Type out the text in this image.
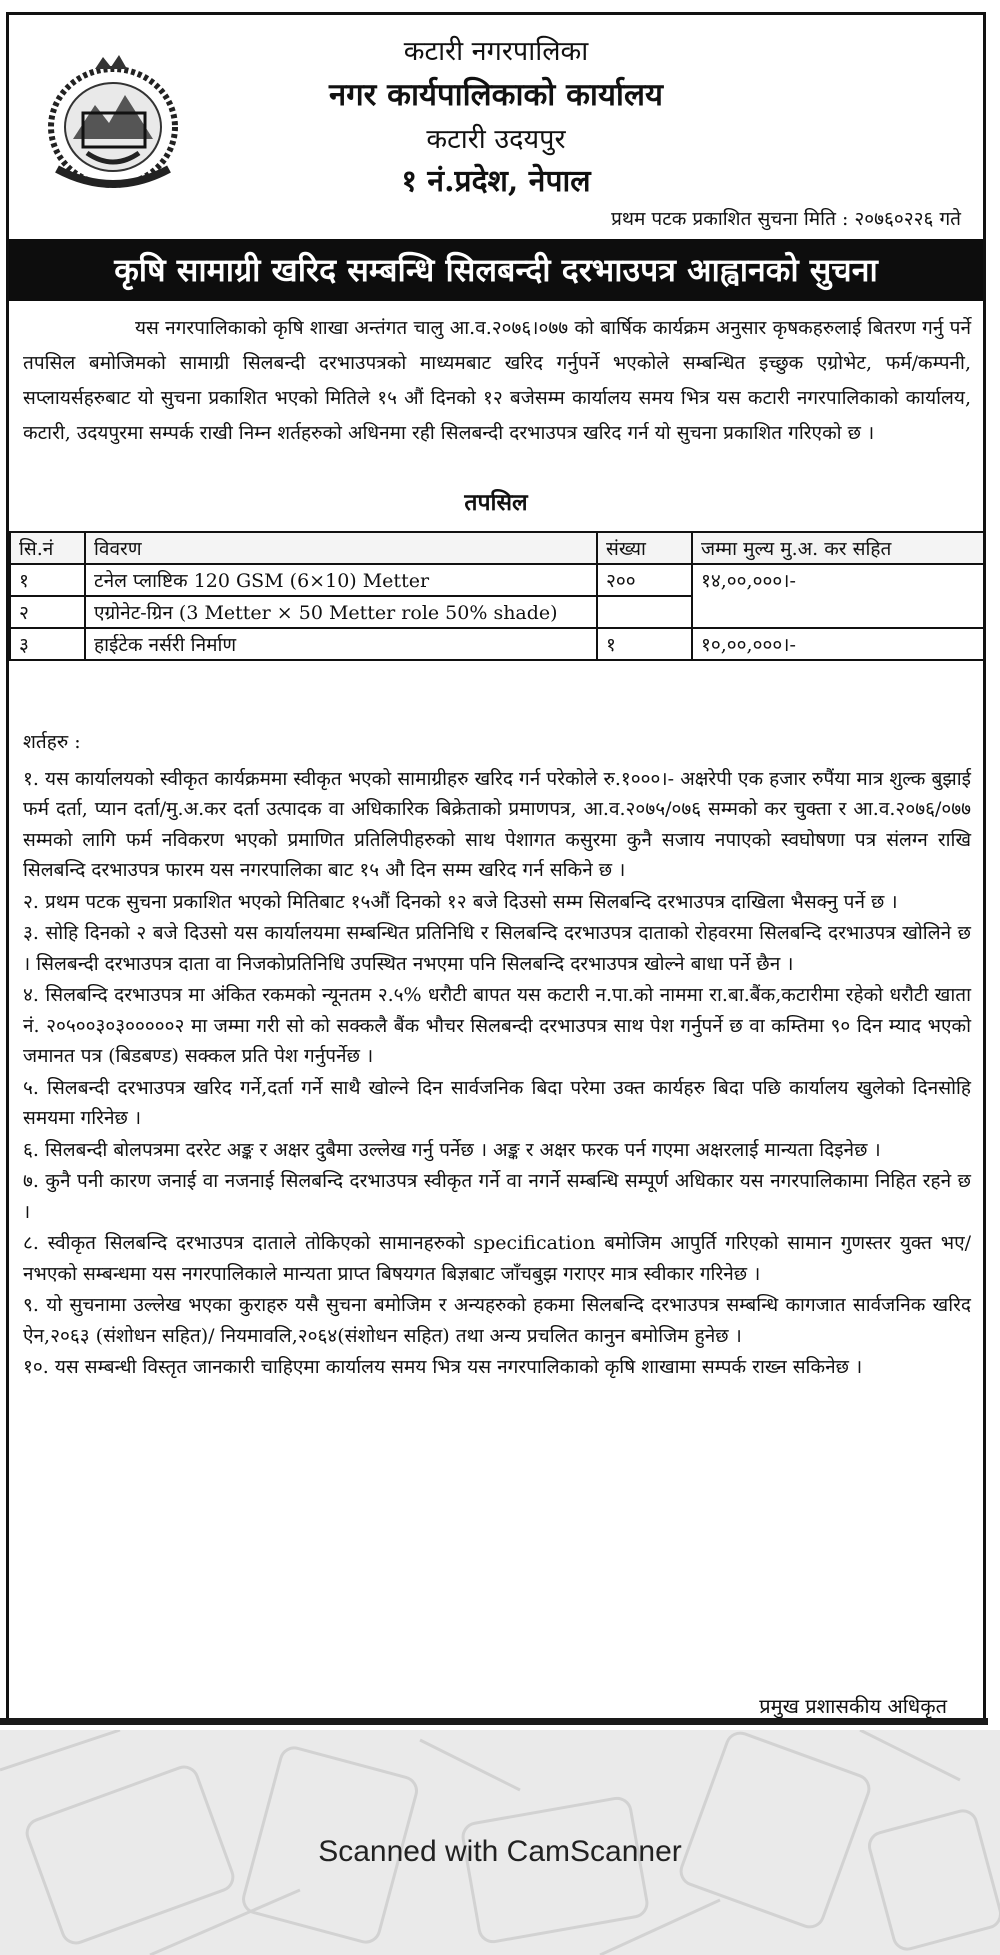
कटारी नगरपालिका
नगर कार्यपालिकाको कार्यालय
कटारी उदयपुर
१ नं.प्रदेश, नेपाल
प्रथम पटक प्रकाशित सुचना मिति : २०७६०२२६ गते
कृषि सामाग्री खरिद सम्बन्धि सिलबन्दी दरभाउपत्र आह्वानको सुचना

यस नगरपालिकाको कृषि शाखा अन्तंगत चालु आ.व.२०७६।०७७ को बार्षिक कार्यक्रम अनुसार कृषकहरुलाई बितरण गर्नु पर्ने तपसिल बमोजिमको सामाग्री सिलबन्दी दरभाउपत्रको माध्यमबाट खरिद गर्नुपर्ने भएकोले सम्बन्धित इच्छुक एग्रोभेट, फर्म/कम्पनी, सप्लायर्सहरुबाट यो सुचना प्रकाशित भएको मितिले १५ औं दिनको १२ बजेसम्म कार्यालय समय भित्र यस कटारी नगरपालिकाको कार्यालय, कटारी, उदयपुरमा सम्पर्क राखी निम्न शर्तहरुको अधिनमा रही सिलबन्दी दरभाउपत्र खरिद गर्न यो सुचना प्रकाशित गरिएको छ ।

तपसिल
सि.नं	विवरण	संख्या	जम्मा मुल्य मु.अ. कर सहित
१	टनेल प्लाष्टिक 120 GSM (6×10) Metter	२००	१४,००,०००।-
२	एग्रोनेट-ग्रिन (3 Metter × 50 Metter role 50% shade)		
३	हाईटेक नर्सरी निर्माण	१	१०,००,०००।-
शर्तहरु :

१. यस कार्यालयको स्वीकृत कार्यक्रममा स्वीकृत भएको सामाग्रीहरु खरिद गर्न परेकोले रु.१०००।- अक्षरेपी एक हजार रुपैंया मात्र शुल्क बुझाई फर्म दर्ता, प्यान दर्ता/मु.अ.कर दर्ता उत्पादक वा अधिकारिक बिक्रेताको प्रमाणपत्र, आ.व.२०७५/०७६ सम्मको कर चुक्ता र आ.व.२०७६/०७७ सम्मको लागि फर्म नविकरण भएको प्रमाणित प्रतिलिपीहरुको साथ पेशागत कसुरमा कुनै सजाय नपाएको स्वघोषणा पत्र संलग्न राखि सिलबन्दि दरभाउपत्र फारम यस नगरपालिका बाट १५ औ दिन सम्म खरिद गर्न सकिने छ ।

२. प्रथम पटक सुचना प्रकाशित भएको मितिबाट १५औं दिनको १२ बजे दिउसो सम्म सिलबन्दि दरभाउपत्र दाखिला भैसक्नु पर्ने छ ।

३. सोहि दिनको २ बजे दिउसो यस कार्यालयमा सम्बन्धित प्रतिनिधि र सिलबन्दि दरभाउपत्र दाताको रोहवरमा सिलबन्दि दरभाउपत्र खोलिने छ । सिलबन्दी दरभाउपत्र दाता वा निजकोप्रतिनिधि उपस्थित नभएमा पनि सिलबन्दि दरभाउपत्र खोल्ने बाधा पर्ने छैन ।

४. सिलबन्दि दरभाउपत्र मा अंकित रकमको न्यूनतम २.५% धरौटी बापत यस कटारी न.पा.को नाममा रा.बा.बैंक,कटारीमा रहेको धरौटी खाता नं. २०५००३०३०००००२ मा जम्मा गरी सो को सक्कलै बैंक भौचर सिलबन्दी दरभाउपत्र साथ पेश गर्नुपर्ने छ वा कम्तिमा ९० दिन म्याद भएको जमानत पत्र (बिडबण्ड) सक्कल प्रति पेश गर्नुपर्नेछ ।

५. सिलबन्दी दरभाउपत्र खरिद गर्ने,दर्ता गर्ने साथै खोल्ने दिन सार्वजनिक बिदा परेमा उक्त कार्यहरु बिदा पछि कार्यालय खुलेको दिनसोहि समयमा गरिनेछ ।

६. सिलबन्दी बोलपत्रमा दररेट अङ्क र अक्षर दुबैमा उल्लेख गर्नु पर्नेछ । अङ्क र अक्षर फरक पर्न गएमा अक्षरलाई मान्यता दिइनेछ ।

७. कुनै पनी कारण जनाई वा नजनाई सिलबन्दि दरभाउपत्र स्वीकृत गर्ने वा नगर्ने सम्बन्धि सम्पूर्ण अधिकार यस नगरपालिकामा निहित रहने छ ।

८. स्वीकृत सिलबन्दि दरभाउपत्र दाताले तोकिएको सामानहरुको specification बमोजिम आपुर्ति गरिएको सामान गुणस्तर युक्त भए/नभएको सम्बन्धमा यस नगरपालिकाले मान्यता प्राप्त बिषयगत बिज्ञबाट जाँचबुझ गराएर मात्र स्वीकार गरिनेछ ।

९. यो सुचनामा उल्लेख भएका कुराहरु यसै सुचना बमोजिम र अन्यहरुको हकमा सिलबन्दि दरभाउपत्र सम्बन्धि कागजात सार्वजनिक खरिद ऐन,२०६३ (संशोधन सहित)/ नियमावलि,२०६४(संशोधन सहित) तथा अन्य प्रचलित कानुन बमोजिम हुनेछ ।

१०. यस सम्बन्धी विस्तृत जानकारी चाहिएमा कार्यालय समय भित्र यस नगरपालिकाको कृषि शाखामा सम्पर्क राख्न सकिनेछ ।

प्रमुख प्रशासकीय अधिकृत
Scanned with CamScanner
